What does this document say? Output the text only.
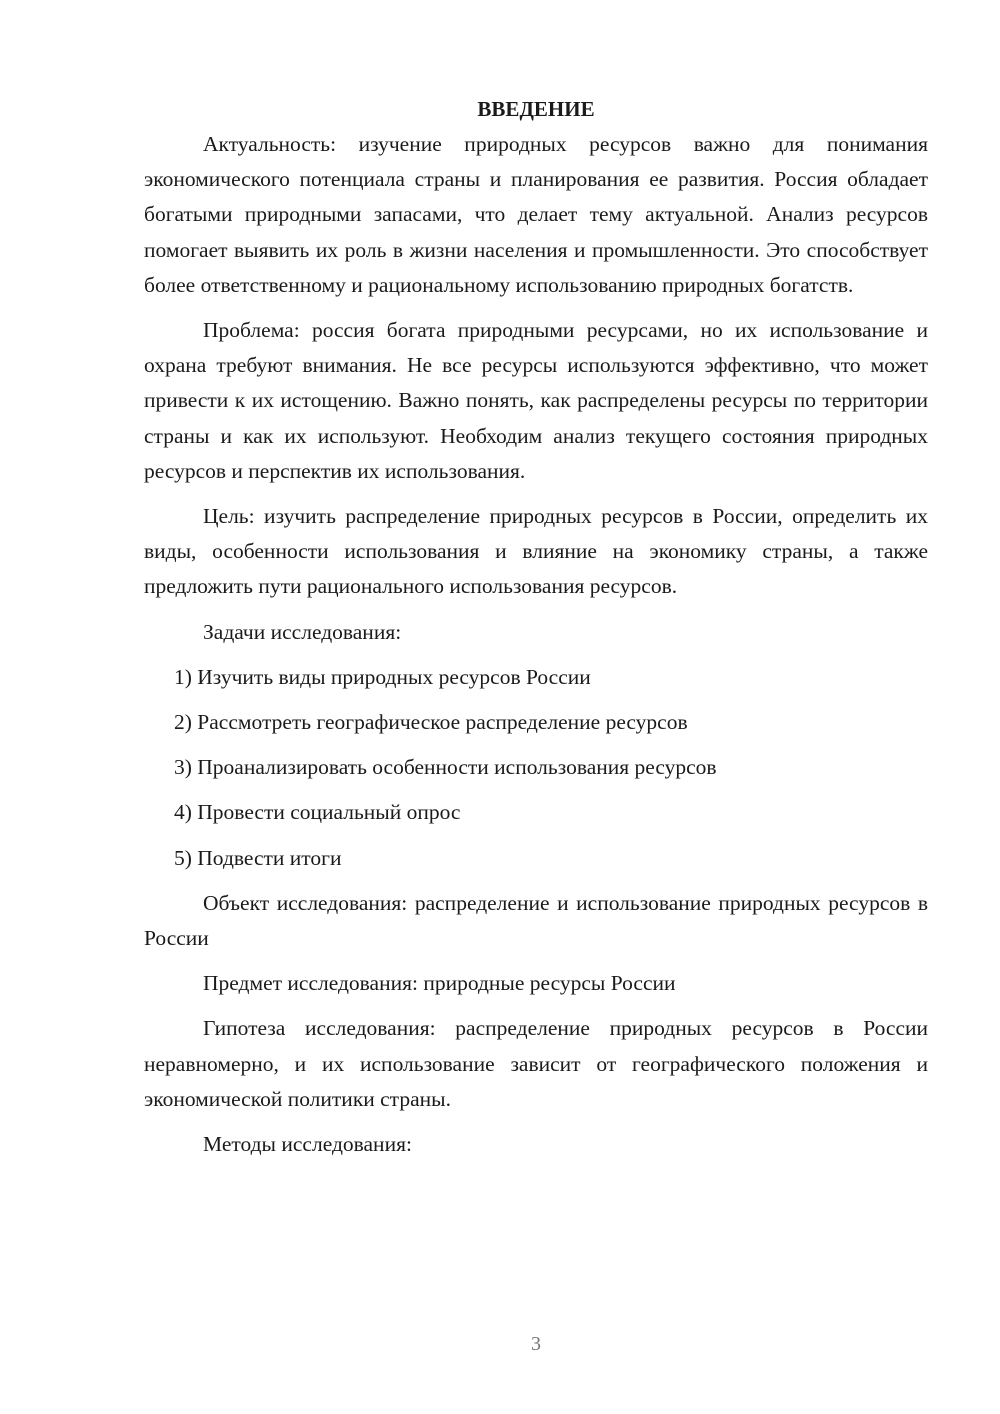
ВВЕДЕНИЕ

Актуальность: изучение природных ресурсов важно для понимания экономического потенциала страны и планирования ее развития. Россия обладает богатыми природными запасами, что делает тему актуальной. Анализ ресурсов помогает выявить их роль в жизни населения и промышленности. Это способствует более ответственному и рациональному использованию природных богатств.

Проблема: россия богата природными ресурсами, но их использование и охрана требуют внимания. Не все ресурсы используются эффективно, что может привести к их истощению. Важно понять, как распределены ресурсы по территории страны и как их используют. Необходим анализ текущего состояния природных ресурсов и перспектив их использования.

Цель: изучить распределение природных ресурсов в России, определить их виды, особенности использования и влияние на экономику страны, а также предложить пути рационального использования ресурсов.

Задачи исследования:

1) Изучить виды природных ресурсов России
2) Рассмотреть географическое распределение ресурсов
3) Проанализировать особенности использования ресурсов
4) Провести социальный опрос
5) Подвести итоги

Объект исследования: распределение и использование природных ресурсов в России

Предмет исследования: природные ресурсы России

Гипотеза исследования: распределение природных ресурсов в России неравномерно, и их использование зависит от географического положения и экономической политики страны.

Методы исследования:

3
